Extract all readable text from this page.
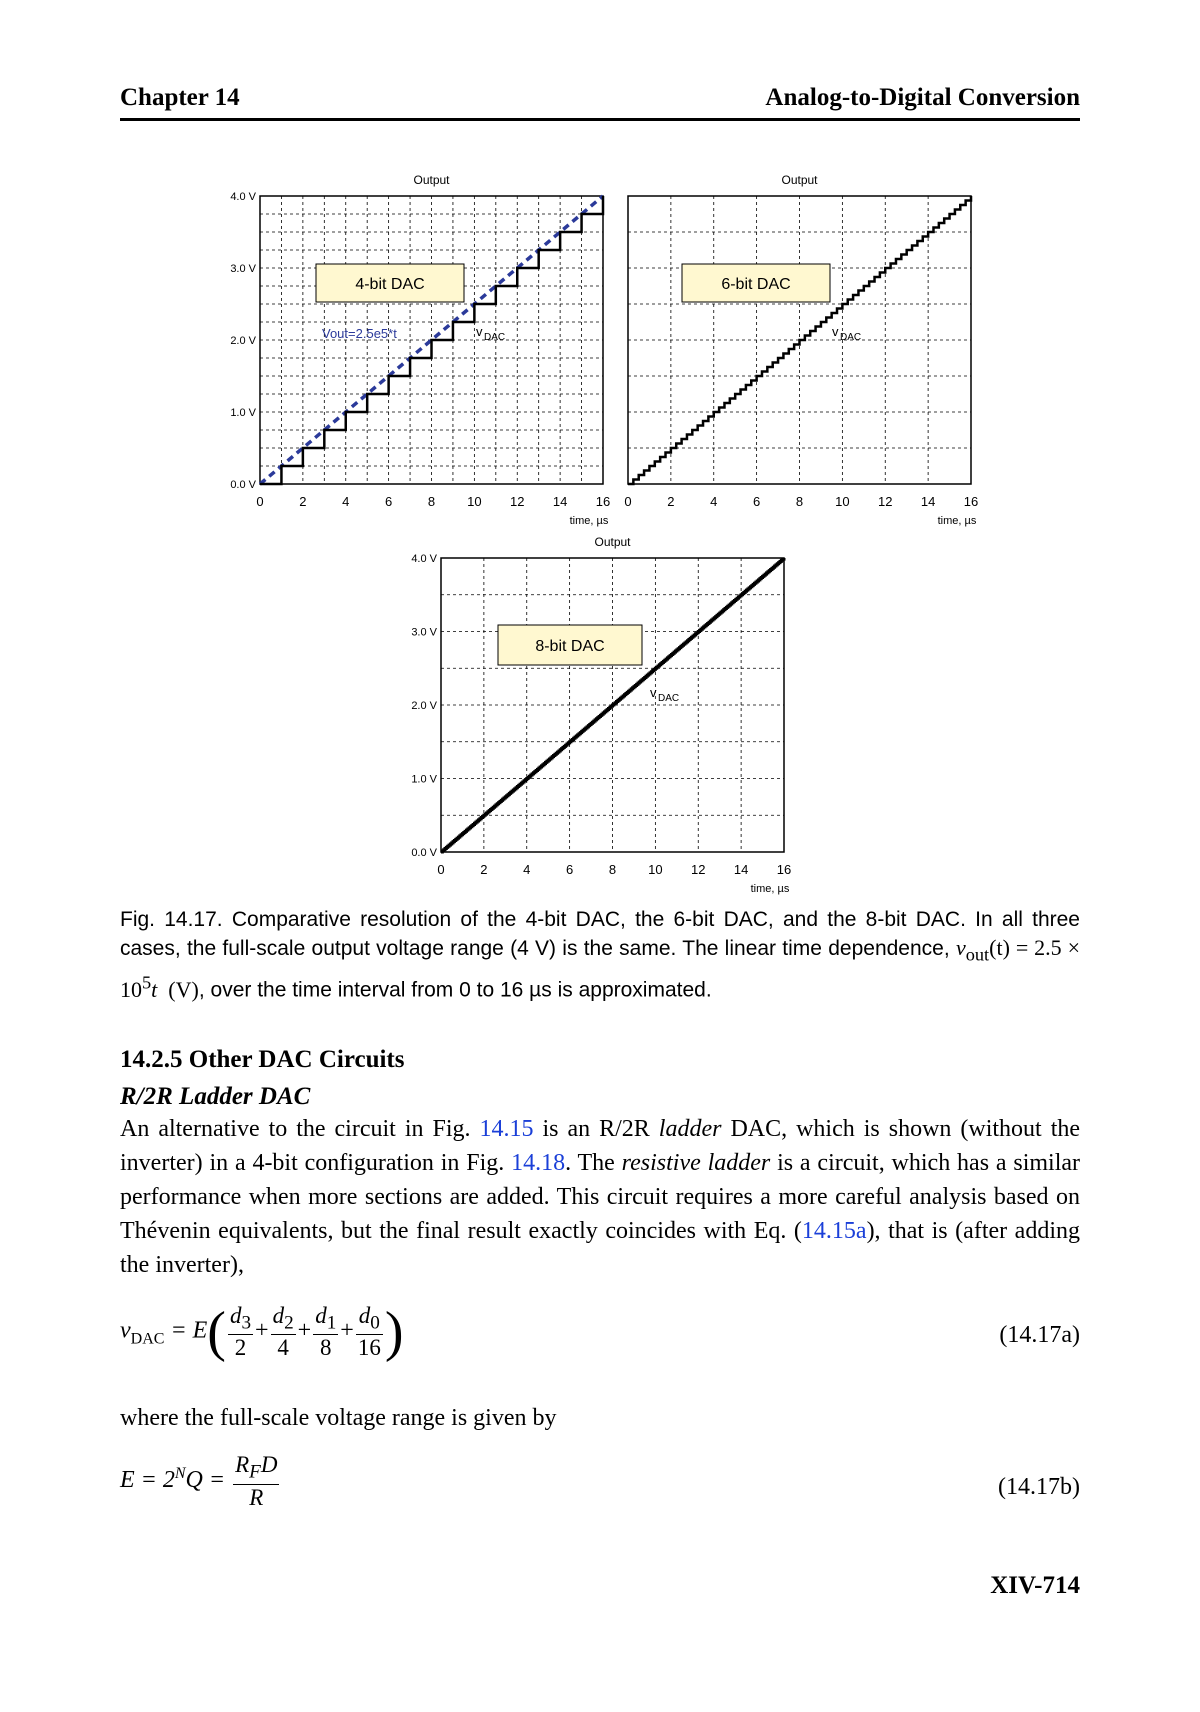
Chapter 14	Analog-to-Digital Conversion
Output
0	2	4	6	8 10 12 14 16
time, µs
4.0 V
3.0 V
2.0 V
1.0 V
0.0 V
4-bit DAC
v DAC
Vout=2.5e5*t
Output
0	2	4	6	8 10 12 14 16
time, µs
6-bit DAC
v DAC
Output
0	2	4	6	8 10 12 14 16
time, µs
4.0 V
3.0 V
2.0 V
1.0 V
0.0 V
8-bit DAC
v DAC
Fig. 14.17. Comparative resolution of the 4-bit DAC, the 6-bit DAC, and the 8-bit DAC. In all three cases, the full-scale output voltage range (4 V) is the same. The linear time dependence, $v_{out}(t) = 2.5 \times 10^5t$ (V), over the time interval from 0 to 16 µs is approximated.
14.2.5 Other DAC Circuits
R/2R Ladder DAC
An alternative to the circuit in Fig. 14.15 is an R/2R ladder DAC, which is shown (without the inverter) in a 4-bit configuration in Fig. 14.18. The resistive ladder is a circuit, which has a similar performance when more sections are added. This circuit requires a more careful analysis based on Thévenin equivalents, but the final result exactly coincides with Eq. (14.15a), that is (after adding the inverter),
$v_{DAC} = E( \frac{d_3}{2} + \frac{d_2}{4} + \frac{d_1}{8} + \frac{d_0}{16}$ )	(14.17a)
where the full-scale voltage range is given by
$E = 2^NQ = \frac{R_FD}{R}$	(14.17b)
XIV-714
